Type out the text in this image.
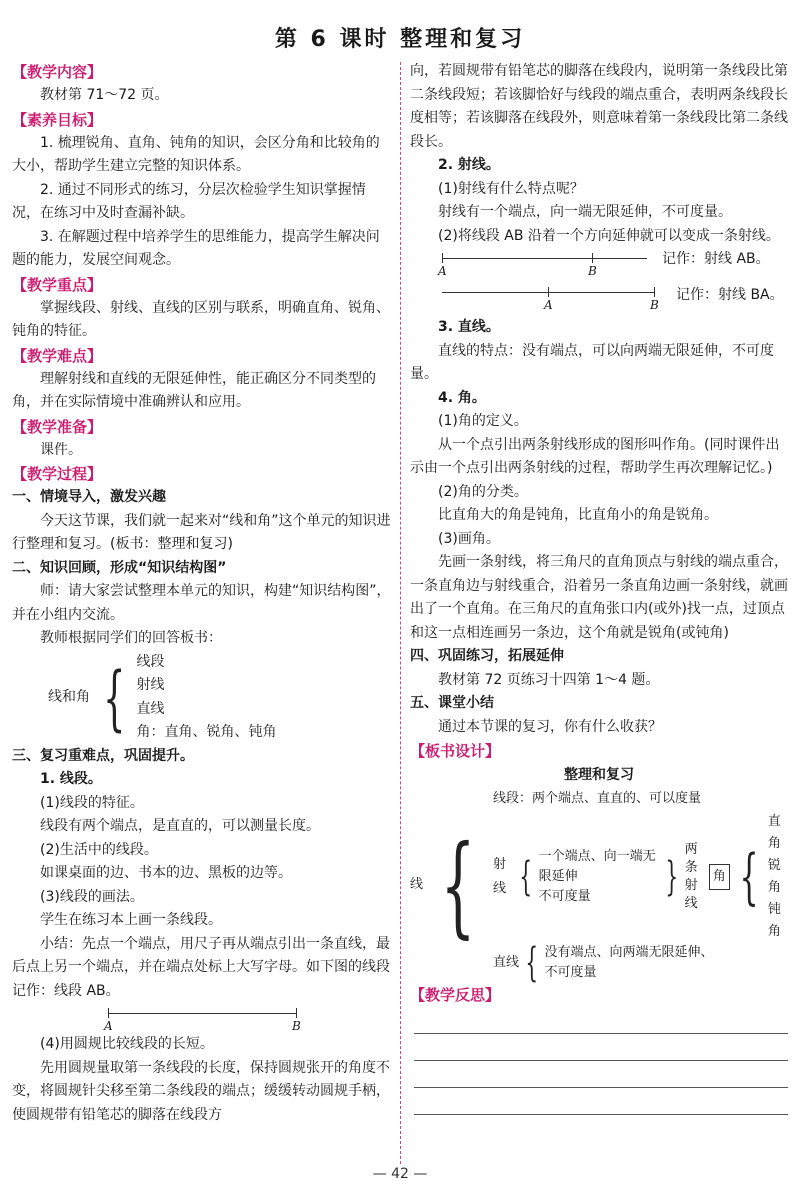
第 6 课时 整理和复习

【教学内容】

教材第 71～72 页。

【素养目标】

1. 梳理锐角、直角、钝角的知识，会区分角和比较角的大小，帮助学生建立完整的知识体系。

2. 通过不同形式的练习，分层次检验学生知识掌握情况，在练习中及时查漏补缺。

3. 在解题过程中培养学生的思维能力，提高学生解决问题的能力，发展空间观念。

【教学重点】

掌握线段、射线、直线的区别与联系，明确直角、锐角、钝角的特征。

【教学难点】

理解射线和直线的无限延伸性，能正确区分不同类型的角，并在实际情境中准确辨认和应用。

【教学准备】

课件。

【教学过程】

一、情境导入，激发兴趣

今天这节课，我们就一起来对“线和角”这个单元的知识进行整理和复习。(板书：整理和复习)

二、知识回顾，形成“知识结构图”

师：请大家尝试整理本单元的知识，构建“知识结构图”，并在小组内交流。

教师根据同学们的回答板书：

线和角 { 线段
射线
直线
角：直角、锐角、钝角

三、复习重难点，巩固提升。

1. 线段。

(1)线段的特征。

线段有两个端点，是直直的，可以测量长度。

(2)生活中的线段。

如课桌面的边、书本的边、黑板的边等。

(3)线段的画法。

学生在练习本上画一条线段。

小结：先点一个端点，用尺子再从端点引出一条直线，最后点上另一个端点，并在端点处标上大写字母。如下图的线段记作：线段 AB。

A	B

(4)用圆规比较线段的长短。

先用圆规量取第一条线段的长度，保持圆规张开的角度不变，将圆规针尖移至第二条线段的端点；缓缓转动圆规手柄，使圆规带有铅笔芯的脚落在线段方

向，若圆规带有铅笔芯的脚落在线段内，说明第一条线段比第二条线段短；若该脚恰好与线段的端点重合，表明两条线段长度相等；若该脚落在线段外，则意味着第一条线段比第二条线段长。

2. 射线。

(1)射线有什么特点呢？

射线有一个端点，向一端无限延伸，不可度量。

(2)将线段 AB 沿着一个方向延伸就可以变成一条射线。

A	B
记作：射线 AB。
A	B
记作：射线 BA。

3. 直线。

直线的特点：没有端点，可以向两端无限延伸，不可度量。

4. 角。

(1)角的定义。

从一个点引出两条射线形成的图形叫作角。(同时课件出示由一个点引出两条射线的过程，帮助学生再次理解记忆。)

(2)角的分类。

比直角大的角是钝角，比直角小的角是锐角。

(3)画角。

先画一条射线，将三角尺的直角顶点与射线的端点重合，一条直角边与射线重合，沿着另一条直角边画一条射线，就画出了一个直角。在三角尺的直角张口内(或外)找一点，过顶点和这一点相连画另一条边，这个角就是锐角(或钝角)

四、巩固练习，拓展延伸

教材第 72 页练习十四第 1～4 题。

五、课堂小结

通过本节课的复习，你有什么收获？

【板书设计】

整理和复习
线 {
线段：两个端点、直直的、可以度量
射线 { 一个端点、向一端无限延伸
不可度量	}
两条
射线
角 {
直角
锐角
钝角
直线 { 没有端点、向两端无限延伸、
不可度量

【教学反思】

— 42 —
